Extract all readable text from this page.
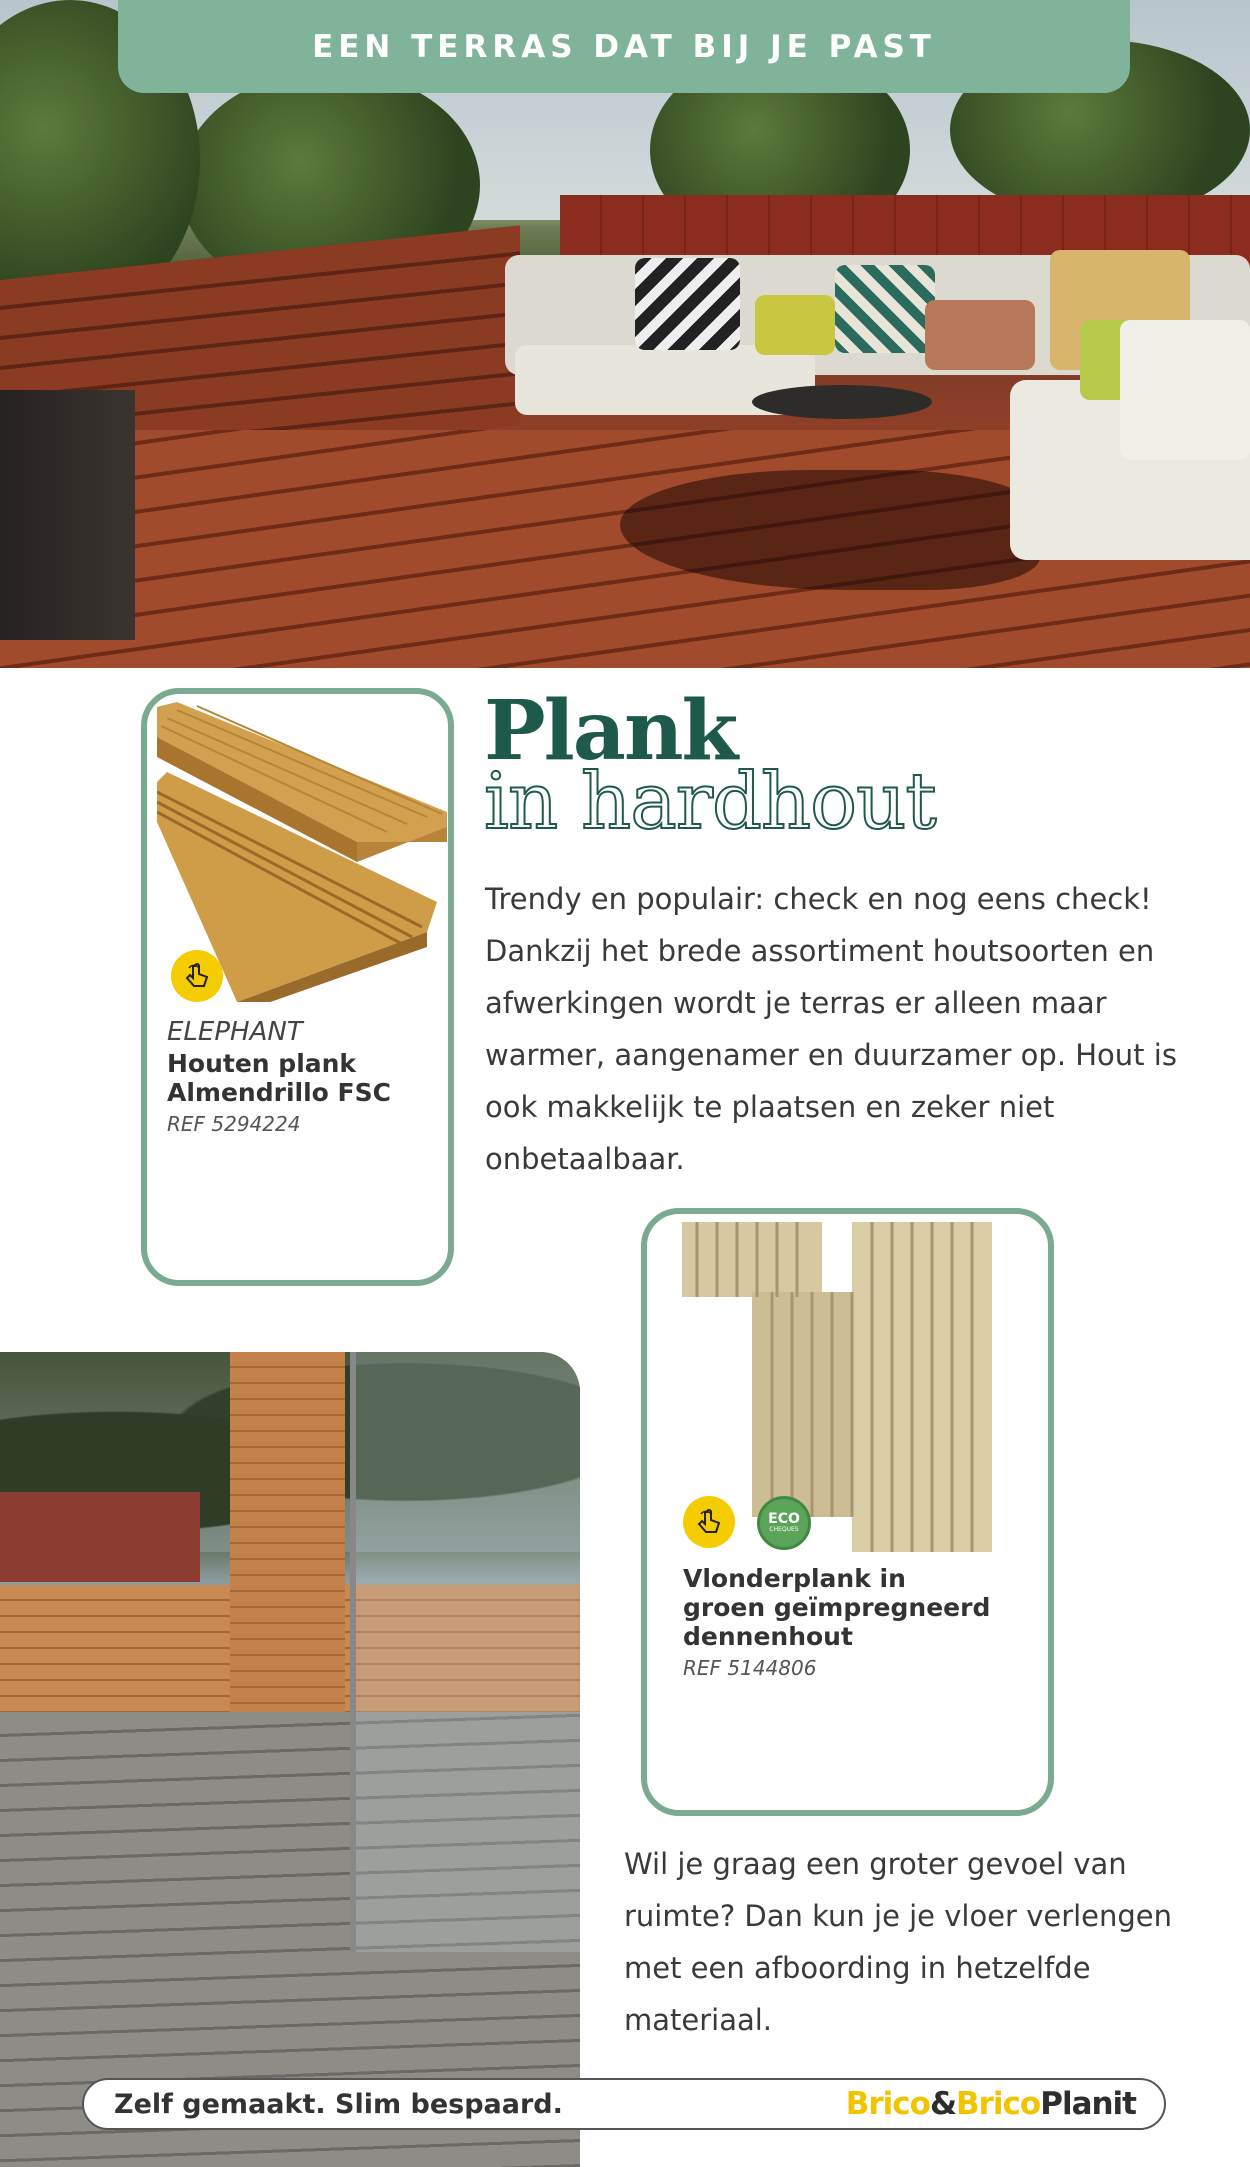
EEN TERRAS DAT BIJ JE PAST
ELEPHANT
Houten plank
Almendrillo FSC
REF 5294224
Plank
in hardhout
Trendy en populair: check en nog eens check! Dankzij het brede assortiment houtsoorten en afwerkingen wordt je terras er alleen maar warmer, aangenamer en duurzamer op. Hout is ook makkelijk te plaatsen en zeker niet onbetaalbaar.
ECO
CHEQUES
Vlonderplank in
groen geïmpregneerd
dennenhout
REF 5144806
Wil je graag een groter gevoel van ruimte? Dan kun je je vloer verlengen met een afboording in hetzelfde materiaal.
Zelf gemaakt. Slim bespaard.	Brico&BricoPlanit
